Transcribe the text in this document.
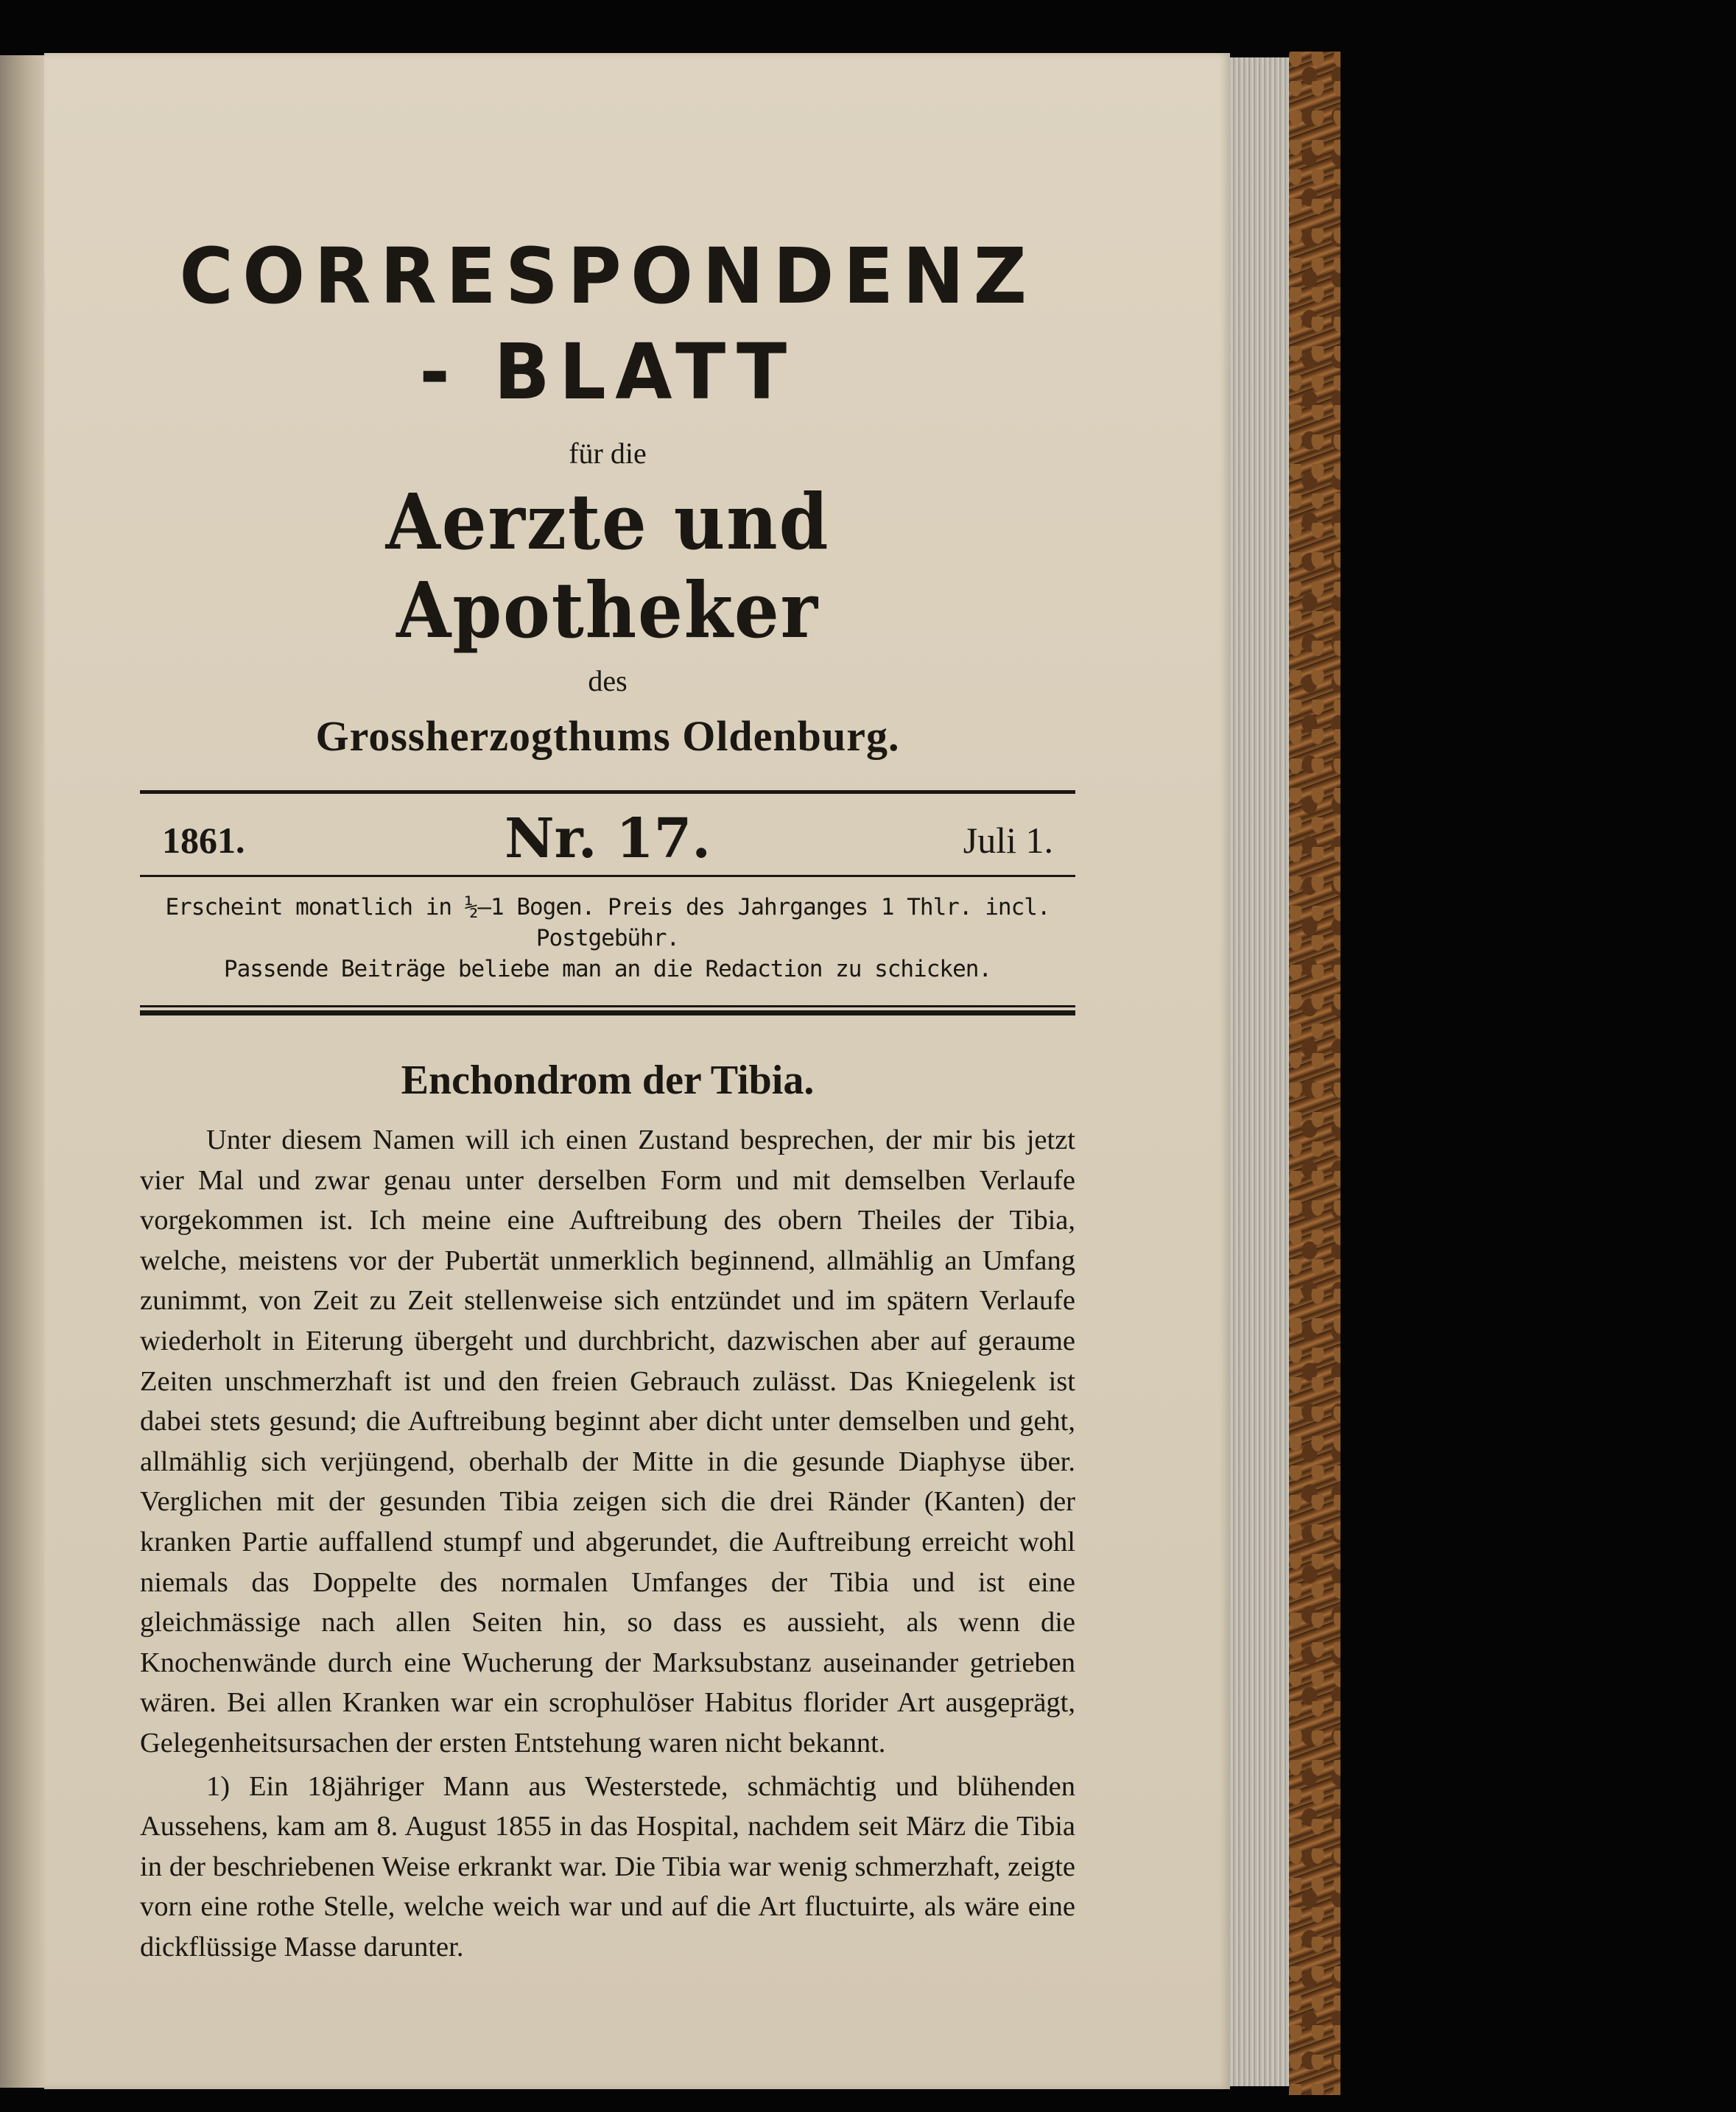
CORRESPONDENZ - BLATT
für die
Aerzte und Apotheker
des
Grossherzogthums Oldenburg.
1861.	Nr. 17.	Juli 1.
Erscheint monatlich in ½—1 Bogen. Preis des Jahrganges 1 Thlr. incl. Postgebühr.
Passende Beiträge beliebe man an die Redaction zu schicken.
Enchondrom der Tibia.

Unter diesem Namen will ich einen Zustand besprechen, der mir bis jetzt vier Mal und zwar genau unter derselben Form und mit demselben Verlaufe vorgekommen ist. Ich meine eine Auftreibung des obern Theiles der Tibia, welche, meistens vor der Pubertät unmerklich beginnend, allmählig an Umfang zunimmt, von Zeit zu Zeit stellenweise sich entzündet und im spätern Verlaufe wiederholt in Eiterung übergeht und durchbricht, dazwischen aber auf geraume Zeiten unschmerzhaft ist und den freien Gebrauch zulässt. Das Kniegelenk ist dabei stets gesund; die Auftreibung beginnt aber dicht unter demselben und geht, allmählig sich verjüngend, oberhalb der Mitte in die gesunde Diaphyse über. Verglichen mit der gesunden Tibia zeigen sich die drei Ränder (Kanten) der kranken Partie auffallend stumpf und abgerundet, die Auftreibung erreicht wohl niemals das Doppelte des normalen Umfanges der Tibia und ist eine gleichmässige nach allen Seiten hin, so dass es aussieht, als wenn die Knochenwände durch eine Wucherung der Marksubstanz auseinander getrieben wären. Bei allen Kranken war ein scrophulöser Habitus florider Art ausgeprägt, Gelegenheitsursachen der ersten Entstehung waren nicht bekannt.

1) Ein 18jähriger Mann aus Westerstede, schmächtig und blühenden Aussehens, kam am 8. August 1855 in das Hospital, nachdem seit März die Tibia in der beschriebenen Weise erkrankt war. Die Tibia war wenig schmerzhaft, zeigte vorn eine rothe Stelle, welche weich war und auf die Art fluctuirte, als wäre eine dickflüssige Masse darunter.
